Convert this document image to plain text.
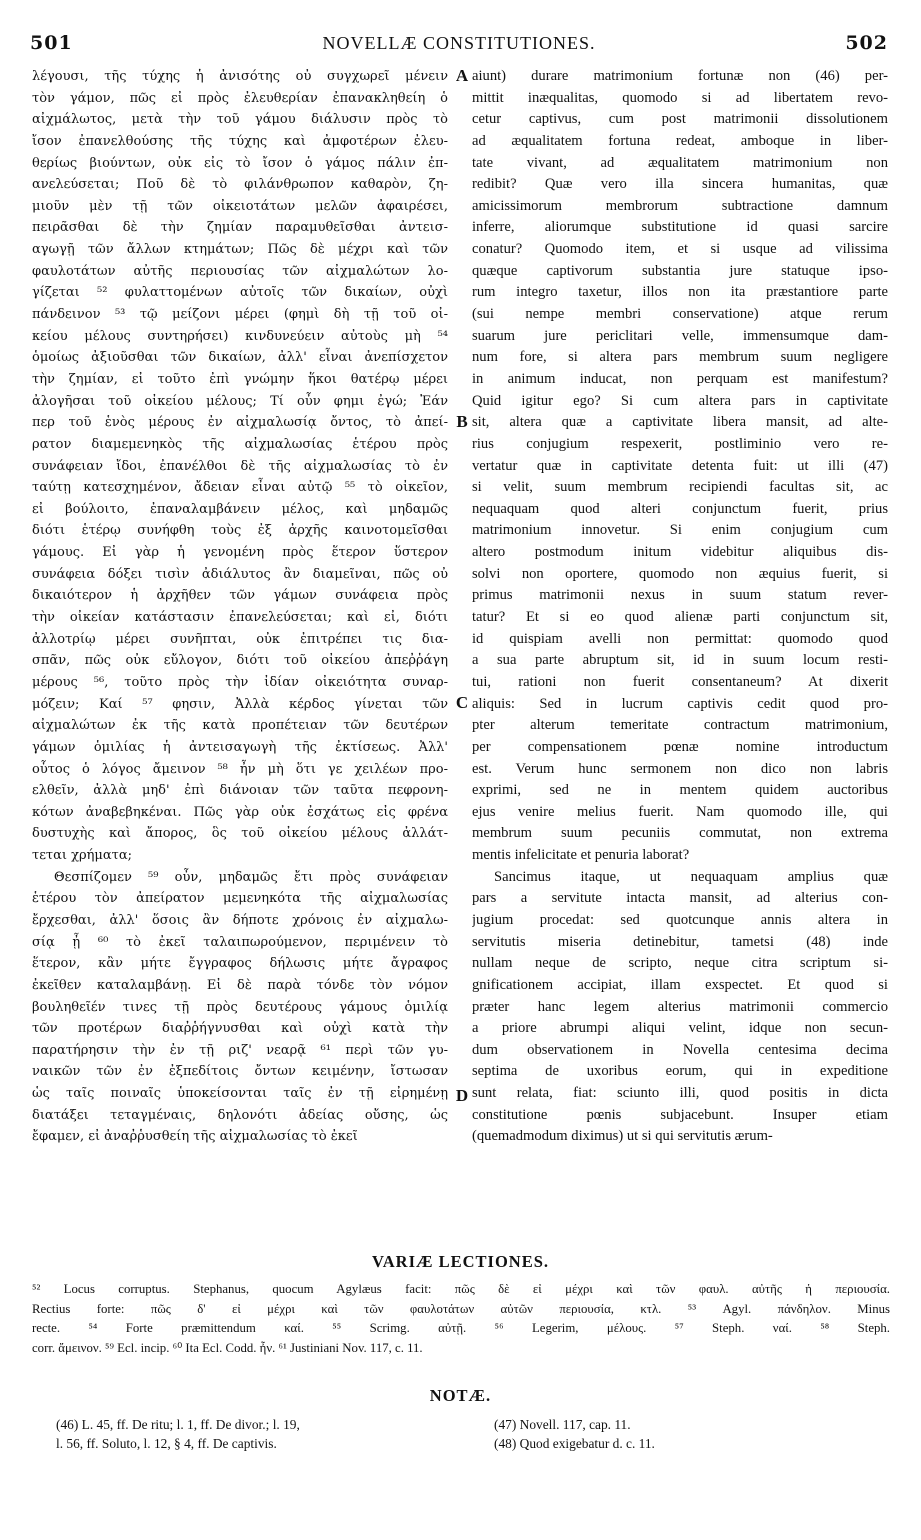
501	NOVELLÆ CONSTITUTIONES.	502
λέγουσι, τῆς τύχης ἡ ἀνισότης οὐ συγχωρεῖ μένειν
τὸν γάμον, πῶς εἰ πρὸς ἐλευθερίαν ἐπανακληθείη ὁ
αἰχμάλωτος, μετὰ τὴν τοῦ γάμου διάλυσιν πρὸς τὸ
ἴσον ἐπανελθούσης τῆς τύχης καὶ ἀμφοτέρων ἐλευ-
θερίως βιούντων, οὐκ εἰς τὸ ἴσον ὁ γάμος πάλιν ἐπ-
ανελεύσεται; Ποῦ δὲ τὸ φιλάνθρωπον καθαρὸν, ζη-
μιοῦν μὲν τῇ τῶν οἰκειοτάτων μελῶν ἀφαιρέσει,
πειρᾶσθαι δὲ τὴν ζημίαν παραμυθεῖσθαι ἀντεισ-
αγωγῇ τῶν ἄλλων κτημάτων; Πῶς δὲ μέχρι καὶ τῶν
φαυλοτάτων αὐτῆς περιουσίας τῶν αἰχμαλώτων λο-
γίζεται ⁵² φυλαττομένων αὐτοῖς τῶν δικαίων, οὐχὶ
πάνδεινον ⁵³ τῷ μείζονι μέρει (φημὶ δὴ τῇ τοῦ οἰ-
κείου μέλους συντηρήσει) κινδυνεύειν αὐτοὺς μὴ ⁵⁴
ὁμοίως ἀξιοῦσθαι τῶν δικαίων, ἀλλ' εἶναι ἀνεπίσχετον
τὴν ζημίαν, εἰ τοῦτο ἐπὶ γνώμην ἥκοι θατέρῳ μέρει
ἀλογῆσαι τοῦ οἰκείου μέλους; Τί οὖν φημι ἐγώ; Ἐάν
περ τοῦ ἑνὸς μέρους ἐν αἰχμαλωσίᾳ ὄντος, τὸ ἀπεί-
ρατον διαμεμενηκὸς τῆς αἰχμαλωσίας ἑτέρου πρὸς
συνάφειαν ἴδοι, ἐπανέλθοι δὲ τῆς αἰχμαλωσίας τὸ ἐν
ταύτῃ κατεσχημένον, ἄδειαν εἶναι αὐτῷ ⁵⁵ τὸ οἰκεῖον,
εἰ βούλοιτο, ἐπαναλαμβάνειν μέλος, καὶ μηδαμῶς
διότι ἑτέρῳ συνήφθη τοὺς ἐξ ἀρχῆς καινοτομεῖσθαι
γάμους. Εἰ γὰρ ἡ γενομένη πρὸς ἕτερον ὕστερον
συνάφεια δόξει τισὶν ἀδιάλυτος ἂν διαμεῖναι, πῶς οὐ
δικαιότερον ἡ ἀρχῆθεν τῶν γάμων συνάφεια πρὸς
τὴν οἰκείαν κατάστασιν ἐπανελεύσεται; καὶ εἰ, διότι
ἀλλοτρίῳ μέρει συνῆπται, οὐκ ἐπιτρέπει τις δια-
σπᾶν, πῶς οὐκ εὔλογον, διότι τοῦ οἰκείου ἀπεῤῥάγη
μέρους ⁵⁶, τοῦτο πρὸς τὴν ἰδίαν οἰκειότητα συναρ-
μόζειν; Καί ⁵⁷ φησιν, Ἀλλὰ κέρδος γίνεται τῶν
αἰχμαλώτων ἐκ τῆς κατὰ προπέτειαν τῶν δευτέρων
γάμων ὁμιλίας ἡ ἀντεισαγωγὴ τῆς ἐκτίσεως. Ἀλλ'
οὗτος ὁ λόγος ἄμεινον ⁵⁸ ἦν μὴ ὅτι γε χειλέων προ-
ελθεῖν, ἀλλὰ μηδ' ἐπὶ διάνοιαν τῶν ταῦτα πεφρονη-
κότων ἀναβεβηκέναι. Πῶς γὰρ οὐκ ἐσχάτως εἰς φρένα
δυστυχὴς καὶ ἄπορος, ὃς τοῦ οἰκείου μέλους ἀλλάτ-
τεται χρήματα;
Θεσπίζομεν ⁵⁹ οὖν, μηδαμῶς ἔτι πρὸς συνάφειαν
ἑτέρου τὸν ἀπείρατον μεμενηκότα τῆς αἰχμαλωσίας
ἔρχεσθαι, ἀλλ' ὅσοις ἂν δήποτε χρόνοις ἐν αἰχμαλω-
σίᾳ ᾖ ⁶⁰ τὸ ἐκεῖ ταλαιπωρούμενον, περιμένειν τὸ
ἕτερον, κἂν μήτε ἔγγραφος δήλωσις μήτε ἄγραφος
ἐκεῖθεν καταλαμβάνῃ. Εἰ δὲ παρὰ τόνδε τὸν νόμον
βουληθεῖέν τινες τῇ πρὸς δευτέρους γάμους ὁμιλίᾳ
τῶν προτέρων διαῤῥήγνυσθαι καὶ οὐχὶ κατὰ τὴν
παρατήρησιν τὴν ἐν τῇ ριζ' νεαρᾷ ⁶¹ περὶ τῶν γυ-
ναικῶν τῶν ἐν ἐξπεδίτοις ὄντων κειμένην, ἴστωσαν
ὡς ταῖς ποιναῖς ὑποκείσονται ταῖς ἐν τῇ εἰρημένῃ
διατάξει τεταγμέναις, δηλονότι ἀδείας οὔσης, ὡς
ἔφαμεν, εἰ ἀναῤῥυσθείη τῆς αἰχμαλωσίας τὸ ἐκεῖ
aiunt) durare matrimonium fortunæ non (46) per-
mittit inæqualitas, quomodo si ad libertatem revo-
cetur captivus, cum post matrimonii dissolutionem
ad æqualitatem fortuna redeat, amboque in liber-
tate vivant, ad æqualitatem matrimonium non
redibit? Quæ vero illa sincera humanitas, quæ
amicissimorum membrorum subtractione damnum
inferre, aliorumque substitutione id quasi sarcire
conatur? Quomodo item, et si usque ad vilissima
quæque captivorum substantia jure statuque ipso-
rum integro taxetur, illos non ita præstantiore parte
(sui nempe membri conservatione) atque rerum
suarum jure periclitari velle, immensumque dam-
num fore, si altera pars membrum suum negligere
in animum inducat, non perquam est manifestum?
Quid igitur ego? Si cum altera pars in captivitate
sit, altera quæ a captivitate libera mansit, ad alte-
rius conjugium respexerit, postliminio vero re-
vertatur quæ in captivitate detenta fuit: ut illi (47)
si velit, suum membrum recipiendi facultas sit, ac
nequaquam quod alteri conjunctum fuerit, prius
matrimonium innovetur. Si enim conjugium cum
altero postmodum initum videbitur aliquibus dis-
solvi non oportere, quomodo non æquius fuerit, si
primus matrimonii nexus in suum statum rever-
tatur? Et si eo quod alienæ parti conjunctum sit,
id quispiam avelli non permittat: quomodo quod
a sua parte abruptum sit, id in suum locum resti-
tui, rationi non fuerit consentaneum? At dixerit
aliquis: Sed in lucrum captivis cedit quod pro-
pter alterum temeritate contractum matrimonium,
per compensationem pœnæ nomine introductum
est. Verum hunc sermonem non dico non labris
exprimi, sed ne in mentem quidem auctoribus
ejus venire melius fuerit. Nam quomodo ille, qui
membrum suum pecuniis commutat, non extrema
mentis infelicitate et penuria laborat?
Sancimus itaque, ut nequaquam amplius quæ
pars a servitute intacta mansit, ad alterius con-
jugium procedat: sed quotcunque annis altera in
servitutis miseria detinebitur, tametsi (48) inde
nullam neque de scripto, neque citra scriptum si-
gnificationem accipiat, illam exspectet. Et quod si
præter hanc legem alterius matrimonii commercio
a priore abrumpi aliqui velint, idque non secun-
dum observationem in Novella centesima decima
septima de uxoribus eorum, qui in expeditione
sunt relata, fiat: sciunto illi, quod positis in dicta
constitutione pœnis subjacebunt. Insuper etiam
(quemadmodum diximus) ut si qui servitutis ærum-
A
B
C
D
VARIÆ LECTIONES.
⁵² Locus corruptus. Stephanus, quocum Agylæus facit: πῶς δὲ εἰ μέχρι καὶ τῶν φαυλ. αὐτῆς ἡ περιουσία.
Rectius forte: πῶς δ' εἰ μέχρι καὶ τῶν φαυλοτάτων αὐτῶν περιουσία, κτλ. ⁵³ Agyl. πάνδηλον. Minus
recte. ⁵⁴ Forte præmittendum καί. ⁵⁵ Scrimg. αὐτῇ. ⁵⁶ Legerim, μέλους. ⁵⁷ Steph. ναί. ⁵⁸ Steph.
corr. ἄμεινον. ⁵⁹ Ecl. incip. ⁶⁰ Ita Ecl. Codd. ἦν. ⁶¹ Justiniani Nov. 117, c. 11.
NOTÆ.
(46) L. 45, ff. De ritu; l. 1, ff. De divor.; l. 19,
l. 56, ff. Soluto, l. 12, § 4, ff. De captivis.
(47) Novell. 117, cap. 11.
(48) Quod exigebatur d. c. 11.
